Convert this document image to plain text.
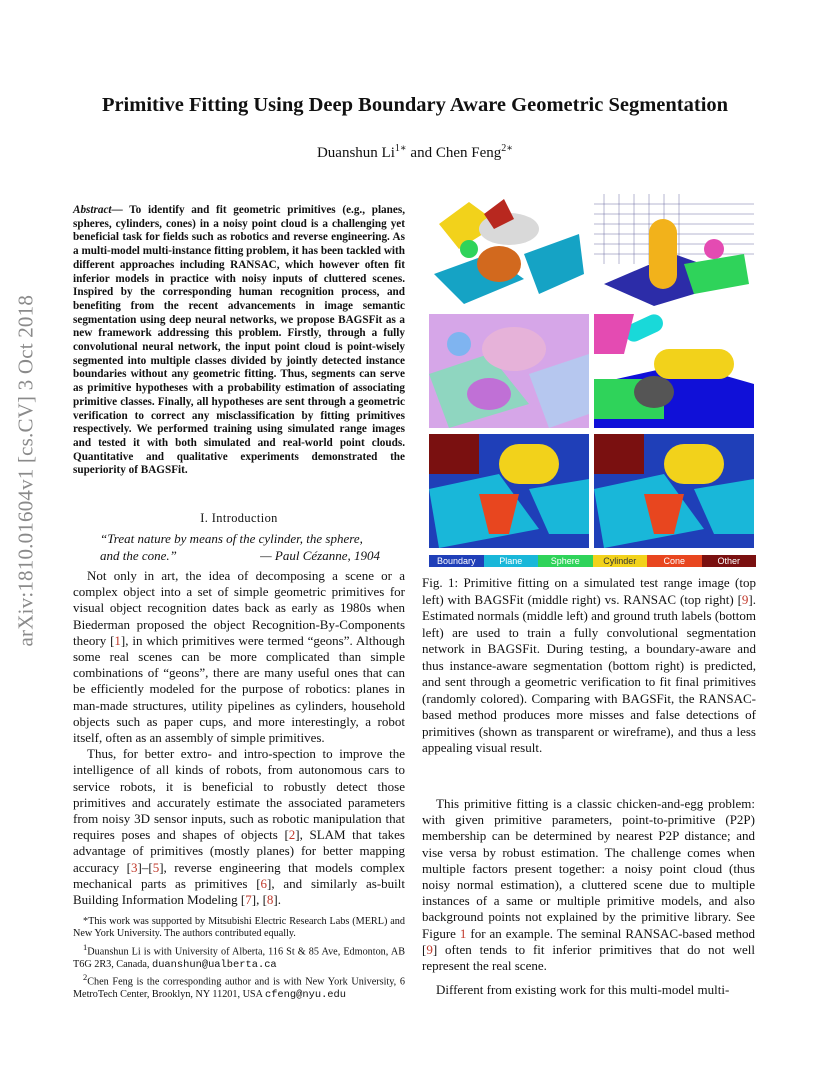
Primitive Fitting Using Deep Boundary Aware Geometric Segmentation
Duanshun $Li^{1∗}$ and Chen Feng$^{2∗}$
arXiv:1810.01604v1 [cs.CV] 3 Oct 2018
Abstract— To identify and fit geometric primitives (e.g., planes, spheres, cylinders, cones) in a noisy point cloud is a challenging yet beneficial task for fields such as robotics and reverse engineering. As a multi-model multi-instance fitting problem, it has been tackled with different approaches including RANSAC, which however often fit inferior models in practice with noisy inputs of cluttered scenes. Inspired by the corresponding human recognition process, and benefiting from the recent advancements in image semantic segmentation using deep neural networks, we propose BAGSFit as a new framework addressing this problem. Firstly, through a fully convolutional neural network, the input point cloud is point-wisely segmented into multiple classes divided by jointly detected instance boundaries without any geometric fitting. Thus, segments can serve as primitive hypotheses with a probability estimation of associating primitive classes. Finally, all hypotheses are sent through a geometric verification to correct any misclassification by fitting primitives respectively. We performed training using simulated range images and tested it with both simulated and real-world point clouds. Quantitative and qualitative experiments demonstrated the superiority of BAGSFit.
I. Introduction
“Treat nature by means of the cylinder, the sphere,
and the cone.”	— Paul Cézanne, 1904

Not only in art, the idea of decomposing a scene or a complex object into a set of simple geometric primitives for visual object recognition dates back as early as 1980s when Biederman proposed the object Recognition-By-Components theory [1], in which primitives were termed “geons”. Although some real scenes can be more complicated than simple combinations of “geons”, there are many useful ones that can be efficiently modeled for the purpose of robotics: planes in man-made structures, utility pipelines as cylinders, household objects such as paper cups, and more interestingly, a robot itself, often as an assembly of simple primitives.

Thus, for better extro- and intro-spection to improve the intelligence of all kinds of robots, from autonomous cars to service robots, it is beneficial to robustly detect those primitives and accurately estimate the associated parameters from noisy 3D sensor inputs, such as robotic manipulation that requires poses and shapes of objects [2], SLAM that takes advantage of primitives (mostly planes) for better mapping accuracy [3]–[5], reverse engineering that models complex mechanical parts as primitives [6], and similarly as-built Building Information Modeling [7], [8].

*This work was supported by Mitsubishi Electric Research Labs (MERL) and New York University. The authors contributed equally.

$^1$Duanshun Li is with University of Alberta, 116 St & 85 Ave, Edmonton, AB T6G 2R3, Canada, duanshun@ualberta.ca

$^2$Chen Feng is the corresponding author and is with New York University, 6 MetroTech Center, Brooklyn, NY 11201, USA cfeng@nyu.edu

Boundary	Plane	Sphere	Cylinder	Cone	Other

Fig. 1: Primitive fitting on a simulated test range image (top left) with BAGSFit (middle right) vs. RANSAC (top right) [9]. Estimated normals (middle left) and ground truth labels (bottom left) are used to train a fully convolutional segmentation network in BAGSFit. During testing, a boundary-aware and thus instance-aware segmentation (bottom right) is predicted, and sent through a geometric verification to fit final primitives (randomly colored). Comparing with BAGSFit, the RANSAC-based method produces more misses and false detections of primitives (shown as transparent or wireframe), and thus a less appealing visual result.

This primitive fitting is a classic chicken-and-egg problem: with given primitive parameters, point-to-primitive (P2P) membership can be determined by nearest P2P distance; and vise versa by robust estimation. The challenge comes when multiple factors present together: a noisy point cloud (thus noisy normal estimation), a cluttered scene due to multiple instances of a same or multiple primitive models, and also background points not explained by the primitive library. See Figure 1 for an example. The seminal RANSAC-based method [9] often tends to fit inferior primitives that do not well represent the real scene.

Different from existing work for this multi-model multi-
